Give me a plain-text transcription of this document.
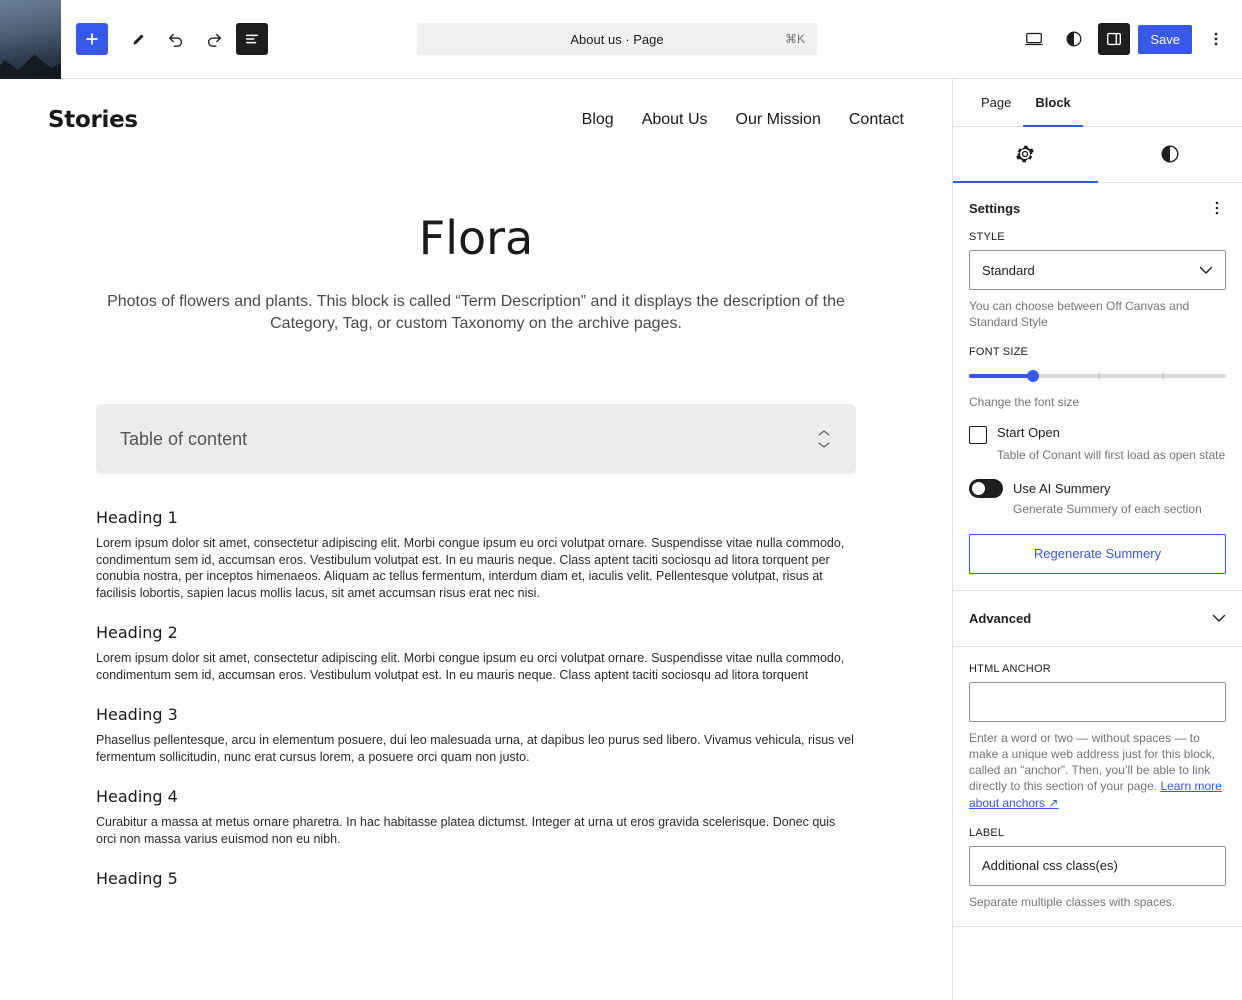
About us · Page	⌘K	Save
Stories	Blog About Us Our Mission Contact
Flora

Photos of flowers and plants. This block is called “Term Description” and it displays the description of the Category, Tag, or custom Taxonomy on the archive pages.

Table of content
Heading 1

Lorem ipsum dolor sit amet, consectetur adipiscing elit. Morbi congue ipsum eu orci volutpat ornare. Suspendisse vitae nulla commodo, condimentum sem id, accumsan eros. Vestibulum volutpat est. In eu mauris neque. Class aptent taciti sociosqu ad litora torquent per conubia nostra, per inceptos himenaeos. Aliquam ac tellus fermentum, interdum diam et, iaculis velit. Pellentesque volutpat, risus at facilisis lobortis, sapien lacus mollis lacus, sit amet accumsan risus erat nec nisi.

Heading 2

Lorem ipsum dolor sit amet, consectetur adipiscing elit. Morbi congue ipsum eu orci volutpat ornare. Suspendisse vitae nulla commodo, condimentum sem id, accumsan eros. Vestibulum volutpat est. In eu mauris neque. Class aptent taciti sociosqu ad litora torquent

Heading 3

Phasellus pellentesque, arcu in elementum posuere, dui leo malesuada urna, at dapibus leo purus sed libero. Vivamus vehicula, risus vel fermentum sollicitudin, nunc erat cursus lorem, a posuere orci quam non justo.

Heading 4

Curabitur a massa at metus ornare pharetra. In hac habitasse platea dictumst. Integer at urna ut eros gravida scelerisque. Donec quis orci non massa varius euismod non eu nibh.

Heading 5
Page	Block
Settings
STYLE
Standard
You can choose between Off Canvas and Standard Style
FONT SIZE
Change the font size
Start Open
Table of Conant will first load as open state
Use AI Summery
Generate Summery of each section
Regenerate Summery
Advanced
HTML ANCHOR
Enter a word or two — without spaces — to make a unique web address just for this block, called an “anchor”. Then, you’ll be able to link directly to this section of your page. Learn more about anchors ↗
LABEL
Additional css class(es)
Separate multiple classes with spaces.
